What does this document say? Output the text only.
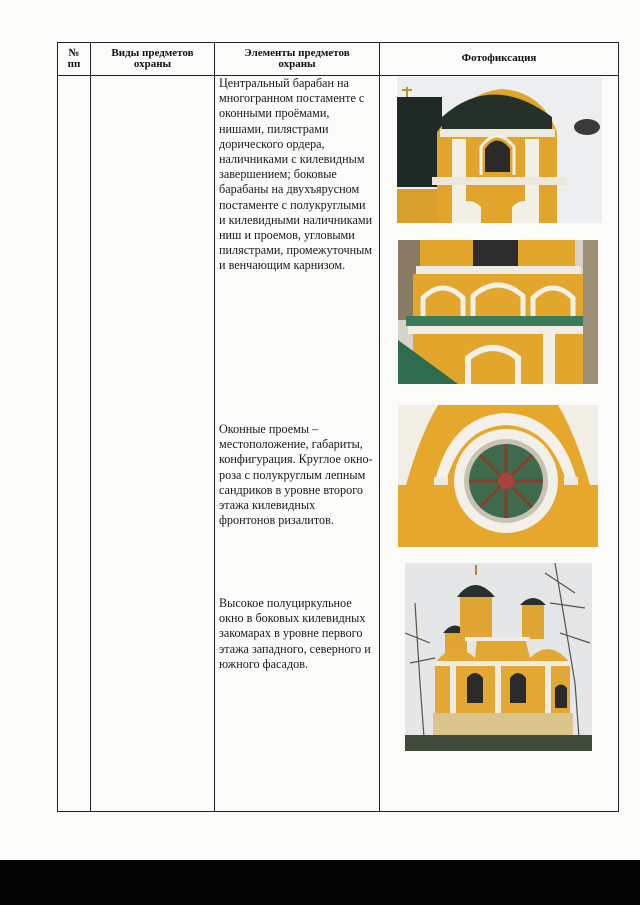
№
пп
Виды предметов
охраны
Элементы предметов
охраны	Фотофиксация
Центральный барабан на многогранном постаменте с оконными проёмами, нишами, пилястрами дорического ордера, наличниками с килевидным завершением; боковые барабаны на двухъярусном постаменте с полукруглыми и килевидными наличниками ниш и проемов, угловыми пилястрами, промежуточным и венчающим карнизом.
Оконные проемы – местоположение, габариты, конфигурация. Круглое окно-роза с полукруглым лепным сандриков в уровне второго этажа килевидных фронтонов ризалитов.
Высокое полуциркульное окно в боковых килевидных закомарах в уровне первого этажа западного, северного и южного фасадов.
